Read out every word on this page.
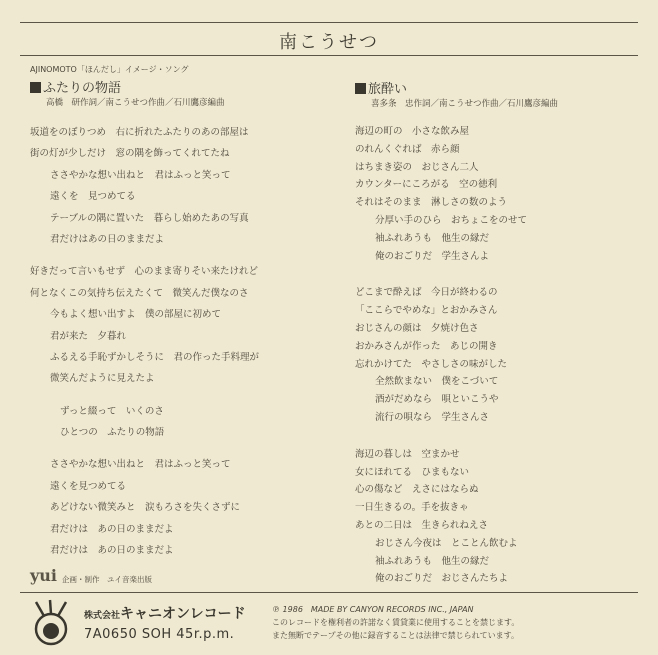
南こうせつ
AJINOMOTO「ほんだし」イメージ・ソング
ふたりの物語
高橋　研作詞／南こうせつ作曲／石川鷹彦編曲
坂道をのぼりつめ　右に折れたふたりのあの部屋は
街の灯が少しだけ　窓の隅を飾ってくれてたね
ささやかな想い出ねと　君はふっと笑って
遠くを　見つめてる
テーブルの隅に置いた　暮らし始めたあの写真
君だけはあの日のままだよ
好きだって言いもせず　心のまま寄りそい来たけれど
何となくこの気持ち伝えたくて　微笑んだ僕なのさ
今もよく想い出すよ　僕の部屋に初めて
君が来た　夕暮れ
ふるえる手恥ずかしそうに　君の作った手料理が
微笑んだように見えたよ
ずっと綴って　いくのさ
ひとつの　ふたりの物語
ささやかな想い出ねと　君はふっと笑って
遠くを見つめてる
あどけない微笑みと　涙もろさを失くさずに
君だけは　あの日のままだよ
君だけは　あの日のままだよ
旅酔い
喜多条　忠作詞／南こうせつ作曲／石川鷹彦編曲
海辺の町の　小さな飲み屋
のれんくぐれば　赤ら顔
はちまき姿の　おじさん二人
カウンターにころがる　空の徳利
それはそのまま　淋しさの数のよう
分厚い手のひら　おちょこをのせて
袖ふれあうも　他生の縁だ
俺のおごりだ　学生さんよ
どこまで酔えば　今日が終わるの
「ここらでやめな」とおかみさん
おじさんの顔は　夕焼け色さ
おかみさんが作った　あじの開き
忘れかけてた　やさしさの味がした
全然飲まない　僕をこづいて
酒がだめなら　唄といこうや
流行の唄なら　学生さんさ
海辺の暮しは　空まかせ
女にほれてる　ひまもない
心の傷など　えさにはならぬ
一日生きるの。手を抜きゃ
あとの二日は　生きられねえさ
おじさん今夜は　とことん飲むよ
袖ふれあうも　他生の縁だ
俺のおごりだ　おじさんたちよ
yui 企画・制作　ユイ音楽出版
株式会社キャニオンレコード
7A0650 SOH 45r.p.m.
℗ 1986　MADE BY CANYON RECORDS INC., JAPAN
このレコードを権利者の許諾なく賃貸業に使用することを禁じます。
また無断でテープその他に録音することは法律で禁じられています。
